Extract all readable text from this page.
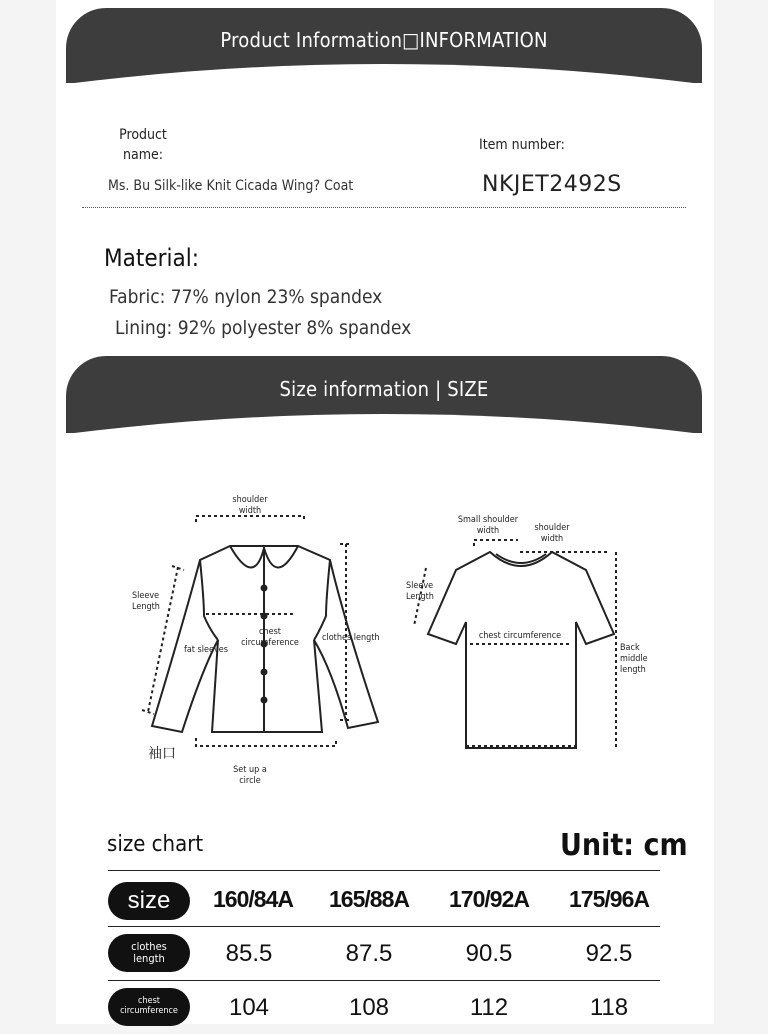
Product Information□INFORMATION
Product
name:
Ms. Bu Silk-like Knit Cicada Wing? Coat
Item number:
NKJET2492S
Material:
Fabric: 77% nylon 23% spandex
Lining: 92% polyester 8% spandex
Size information | SIZE
shoulder width
Sleeve Length
fat sleeves
chest circumference	clothes length
袖口
Set up a circle
Small shoulder width	shoulder width
Sleeve Length
chest circumference
Back middle length
size chart	Unit: cm
size	160/84A	165/88A	170/92A	175/96A
clothes
length	85.5	87.5	90.5	92.5
chest
circumference	104	108	112	118
